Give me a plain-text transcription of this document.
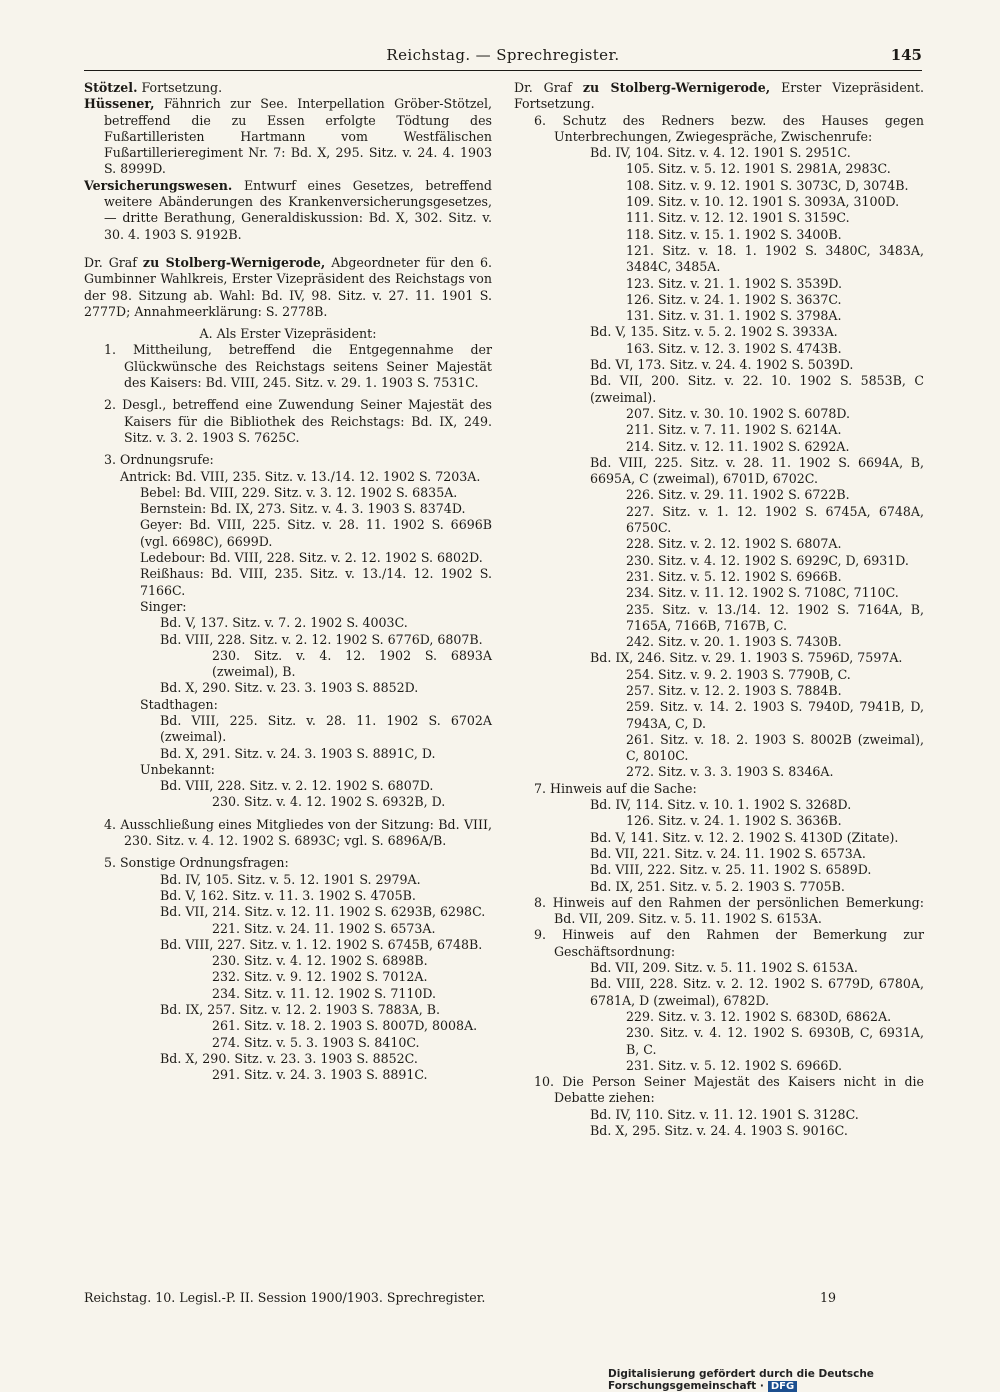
Reichstag. — Sprechregister.	145

Stötzel. Fortsetzung.

Hüssener, Fähnrich zur See. Interpellation Gröber-Stötzel, betreffend die zu Essen erfolgte Tödtung des Fußartilleristen Hartmann vom Westfälischen Fußartillerieregiment Nr. 7: Bd. X, 295. Sitz. v. 24. 4. 1903 S. 8999D.

Versicherungswesen. Entwurf eines Gesetzes, betreffend weitere Abänderungen des Krankenversicherungsgesetzes, — dritte Berathung, Generaldiskussion: Bd. X, 302. Sitz. v. 30. 4. 1903 S. 9192B.

Dr. Graf zu Stolberg-Wernigerode, Abgeordneter für den 6. Gumbinner Wahlkreis, Erster Vizepräsident des Reichstags von der 98. Sitzung ab. Wahl: Bd. IV, 98. Sitz. v. 27. 11. 1901 S. 2777D; Annahmeerklärung: S. 2778B.

A. Als Erster Vizepräsident:

1. Mittheilung, betreffend die Entgegennahme der Glückwünsche des Reichstags seitens Seiner Majestät des Kaisers: Bd. VIII, 245. Sitz. v. 29. 1. 1903 S. 7531C.

2. Desgl., betreffend eine Zuwendung Seiner Majestät des Kaisers für die Bibliothek des Reichstags: Bd. IX, 249. Sitz. v. 3. 2. 1903 S. 7625C.

3. Ordnungsrufe:

Antrick: Bd. VIII, 235. Sitz. v. 13./14. 12. 1902 S. 7203A.

Bebel: Bd. VIII, 229. Sitz. v. 3. 12. 1902 S. 6835A.

Bernstein: Bd. IX, 273. Sitz. v. 4. 3. 1903 S. 8374D.

Geyer: Bd. VIII, 225. Sitz. v. 28. 11. 1902 S. 6696B (vgl. 6698C), 6699D.

Ledebour: Bd. VIII, 228. Sitz. v. 2. 12. 1902 S. 6802D.

Reißhaus: Bd. VIII, 235. Sitz. v. 13./14. 12. 1902 S. 7166C.

Singer:

Bd. V, 137. Sitz. v. 7. 2. 1902 S. 4003C.

Bd. VIII, 228. Sitz. v. 2. 12. 1902 S. 6776D, 6807B.

230. Sitz. v. 4. 12. 1902 S. 6893A (zweimal), B.

Bd. X, 290. Sitz. v. 23. 3. 1903 S. 8852D.

Stadthagen:

Bd. VIII, 225. Sitz. v. 28. 11. 1902 S. 6702A (zweimal).

Bd. X, 291. Sitz. v. 24. 3. 1903 S. 8891C, D.

Unbekannt:

Bd. VIII, 228. Sitz. v. 2. 12. 1902 S. 6807D.

230. Sitz. v. 4. 12. 1902 S. 6932B, D.

4. Ausschließung eines Mitgliedes von der Sitzung: Bd. VIII, 230. Sitz. v. 4. 12. 1902 S. 6893C; vgl. S. 6896A/B.

5. Sonstige Ordnungsfragen:

Bd. IV, 105. Sitz. v. 5. 12. 1901 S. 2979A.

Bd. V, 162. Sitz. v. 11. 3. 1902 S. 4705B.

Bd. VII, 214. Sitz. v. 12. 11. 1902 S. 6293B, 6298C.

221. Sitz. v. 24. 11. 1902 S. 6573A.

Bd. VIII, 227. Sitz. v. 1. 12. 1902 S. 6745B, 6748B.

230. Sitz. v. 4. 12. 1902 S. 6898B.

232. Sitz. v. 9. 12. 1902 S. 7012A.

234. Sitz. v. 11. 12. 1902 S. 7110D.

Bd. IX, 257. Sitz. v. 12. 2. 1903 S. 7883A, B.

261. Sitz. v. 18. 2. 1903 S. 8007D, 8008A.

274. Sitz. v. 5. 3. 1903 S. 8410C.

Bd. X, 290. Sitz. v. 23. 3. 1903 S. 8852C.

291. Sitz. v. 24. 3. 1903 S. 8891C.

Dr. Graf zu Stolberg-Wernigerode, Erster Vizepräsident. Fortsetzung.

6. Schutz des Redners bezw. des Hauses gegen Unterbrechungen, Zwiegespräche, Zwischenrufe:

Bd. IV, 104. Sitz. v. 4. 12. 1901 S. 2951C.

105. Sitz. v. 5. 12. 1901 S. 2981A, 2983C.

108. Sitz. v. 9. 12. 1901 S. 3073C, D, 3074B.

109. Sitz. v. 10. 12. 1901 S. 3093A, 3100D.

111. Sitz. v. 12. 12. 1901 S. 3159C.

118. Sitz. v. 15. 1. 1902 S. 3400B.

121. Sitz. v. 18. 1. 1902 S. 3480C, 3483A, 3484C, 3485A.

123. Sitz. v. 21. 1. 1902 S. 3539D.

126. Sitz. v. 24. 1. 1902 S. 3637C.

131. Sitz. v. 31. 1. 1902 S. 3798A.

Bd. V, 135. Sitz. v. 5. 2. 1902 S. 3933A.

163. Sitz. v. 12. 3. 1902 S. 4743B.

Bd. VI, 173. Sitz. v. 24. 4. 1902 S. 5039D.

Bd. VII, 200. Sitz. v. 22. 10. 1902 S. 5853B, C (zweimal).

207. Sitz. v. 30. 10. 1902 S. 6078D.

211. Sitz. v. 7. 11. 1902 S. 6214A.

214. Sitz. v. 12. 11. 1902 S. 6292A.

Bd. VIII, 225. Sitz. v. 28. 11. 1902 S. 6694A, B, 6695A, C (zweimal), 6701D, 6702C.

226. Sitz. v. 29. 11. 1902 S. 6722B.

227. Sitz. v. 1. 12. 1902 S. 6745A, 6748A, 6750C.

228. Sitz. v. 2. 12. 1902 S. 6807A.

230. Sitz. v. 4. 12. 1902 S. 6929C, D, 6931D.

231. Sitz. v. 5. 12. 1902 S. 6966B.

234. Sitz. v. 11. 12. 1902 S. 7108C, 7110C.

235. Sitz. v. 13./14. 12. 1902 S. 7164A, B, 7165A, 7166B, 7167B, C.

242. Sitz. v. 20. 1. 1903 S. 7430B.

Bd. IX, 246. Sitz. v. 29. 1. 1903 S. 7596D, 7597A.

254. Sitz. v. 9. 2. 1903 S. 7790B, C.

257. Sitz. v. 12. 2. 1903 S. 7884B.

259. Sitz. v. 14. 2. 1903 S. 7940D, 7941B, D, 7943A, C, D.

261. Sitz. v. 18. 2. 1903 S. 8002B (zweimal), C, 8010C.

272. Sitz. v. 3. 3. 1903 S. 8346A.

7. Hinweis auf die Sache:

Bd. IV, 114. Sitz. v. 10. 1. 1902 S. 3268D.

126. Sitz. v. 24. 1. 1902 S. 3636B.

Bd. V, 141. Sitz. v. 12. 2. 1902 S. 4130D (Zitate).

Bd. VII, 221. Sitz. v. 24. 11. 1902 S. 6573A.

Bd. VIII, 222. Sitz. v. 25. 11. 1902 S. 6589D.

Bd. IX, 251. Sitz. v. 5. 2. 1903 S. 7705B.

8. Hinweis auf den Rahmen der persönlichen Bemerkung: Bd. VII, 209. Sitz. v. 5. 11. 1902 S. 6153A.

9. Hinweis auf den Rahmen der Bemerkung zur Geschäftsordnung:

Bd. VII, 209. Sitz. v. 5. 11. 1902 S. 6153A.

Bd. VIII, 228. Sitz. v. 2. 12. 1902 S. 6779D, 6780A, 6781A, D (zweimal), 6782D.

229. Sitz. v. 3. 12. 1902 S. 6830D, 6862A.

230. Sitz. v. 4. 12. 1902 S. 6930B, C, 6931A, B, C.

231. Sitz. v. 5. 12. 1902 S. 6966D.

10. Die Person Seiner Majestät des Kaisers nicht in die Debatte ziehen:

Bd. IV, 110. Sitz. v. 11. 12. 1901 S. 3128C.

Bd. X, 295. Sitz. v. 24. 4. 1903 S. 9016C.

Reichstag. 10. Legisl.-P. II. Session 1900/1903. Sprechregister.	19
Digitalisierung gefördert durch die Deutsche Forschungsgemeinschaft · DFG
